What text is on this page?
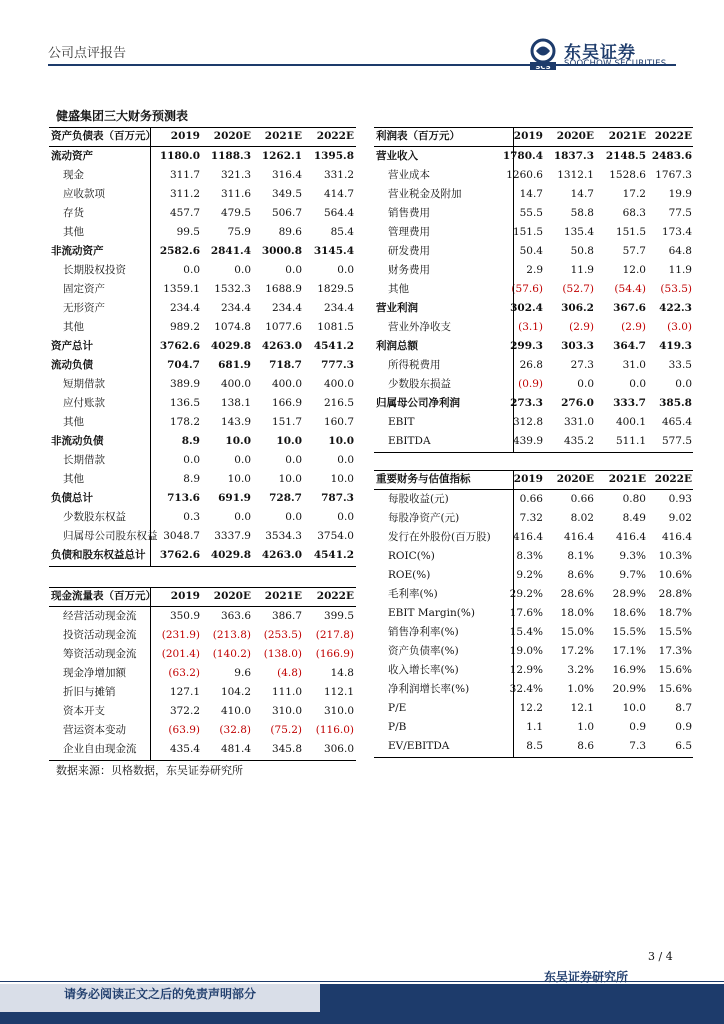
公司点评报告
SCS
东吴证券
SOOCHOW SECURITIES
健盛集团三大财务预测表
资产负债表（百万元）	2019	2020E	2021E	2022E
流动资产	1180.0	1188.3	1262.1	1395.8
现金	311.7	321.3	316.4	331.2
应收款项	311.2	311.6	349.5	414.7
存货	457.7	479.5	506.7	564.4
其他	99.5	75.9	89.6	85.4
非流动资产	2582.6	2841.4	3000.8	3145.4
长期股权投资	0.0	0.0	0.0	0.0
固定资产	1359.1	1532.3	1688.9	1829.5
无形资产	234.4	234.4	234.4	234.4
其他	989.2	1074.8	1077.6	1081.5
资产总计	3762.6	4029.8	4263.0	4541.2
流动负债	704.7	681.9	718.7	777.3
短期借款	389.9	400.0	400.0	400.0
应付账款	136.5	138.1	166.9	216.5
其他	178.2	143.9	151.7	160.7
非流动负债	8.9	10.0	10.0	10.0
长期借款	0.0	0.0	0.0	0.0
其他	8.9	10.0	10.0	10.0
负债总计	713.6	691.9	728.7	787.3
少数股东权益	0.3	0.0	0.0	0.0
归属母公司股东权益 3048.7	3337.9	3534.3	3754.0
负债和股东权益总计	3762.6	4029.8	4263.0	4541.2
现金流量表（百万元）	2019	2020E	2021E	2022E
经营活动现金流	350.9	363.6	386.7	399.5
投资活动现金流	(231.9)	(213.8)	(253.5)	(217.8)
筹资活动现金流	(201.4)	(140.2)	(138.0)	(166.9)
现金净增加额	(63.2)	9.6	(4.8)	14.8
折旧与摊销	127.1	104.2	111.0	112.1
资本开支	372.2	410.0	310.0	310.0
营运资本变动	(63.9)	(32.8)	(75.2)	(116.0)
企业自由现金流	435.4	481.4	345.8	306.0
利润表（百万元）	2019	2020E	2021E 2022E
营业收入	1780.4	1837.3	2148.5 2483.6
营业成本	1260.6	1312.1	1528.6 1767.3
营业税金及附加	14.7	14.7	17.2	19.9
销售费用	55.5	58.8	68.3	77.5
管理费用	151.5	135.4	151.5	173.4
研发费用	50.4	50.8	57.7	64.8
财务费用	2.9	11.9	12.0	11.9
其他	(57.6)	(52.7)	(54.4)	(53.5)
营业利润	302.4	306.2	367.6	422.3
营业外净收支	(3.1)	(2.9)	(2.9)	(3.0)
利润总额	299.3	303.3	364.7	419.3
所得税费用	26.8	27.3	31.0	33.5
少数股东损益	(0.9)	0.0	0.0	0.0
归属母公司净利润	273.3	276.0	333.7	385.8
EBIT	312.8	331.0	400.1	465.4
EBITDA	439.9	435.2	511.1	577.5
重要财务与估值指标	2019	2020E	2021E 2022E
每股收益(元)	0.66	0.66	0.80	0.93
每股净资产(元)	7.32	8.02	8.49	9.02
发行在外股份(百万股)	416.4	416.4	416.4	416.4
ROIC(%)	8.3%	8.1%	9.3%	10.3%
ROE(%)	9.2%	8.6%	9.7%	10.6%
毛利率(%)	29.2%	28.6%	28.9%	28.8%
EBIT Margin(%)	17.6%	18.0%	18.6%	18.7%
销售净利率(%)	15.4%	15.0%	15.5%	15.5%
资产负债率(%)	19.0%	17.2%	17.1%	17.3%
收入增长率(%)	12.9%	3.2%	16.9%	15.6%
净利润增长率(%)	32.4%	1.0%	20.9%	15.6%
P/E	12.2	12.1	10.0	8.7
P/B	1.1	1.0	0.9	0.9
EV/EBITDA	8.5	8.6	7.3	6.5
数据来源：贝格数据，东吴证券研究所
3 / 4
东吴证券研究所
请务必阅读正文之后的免责声明部分
